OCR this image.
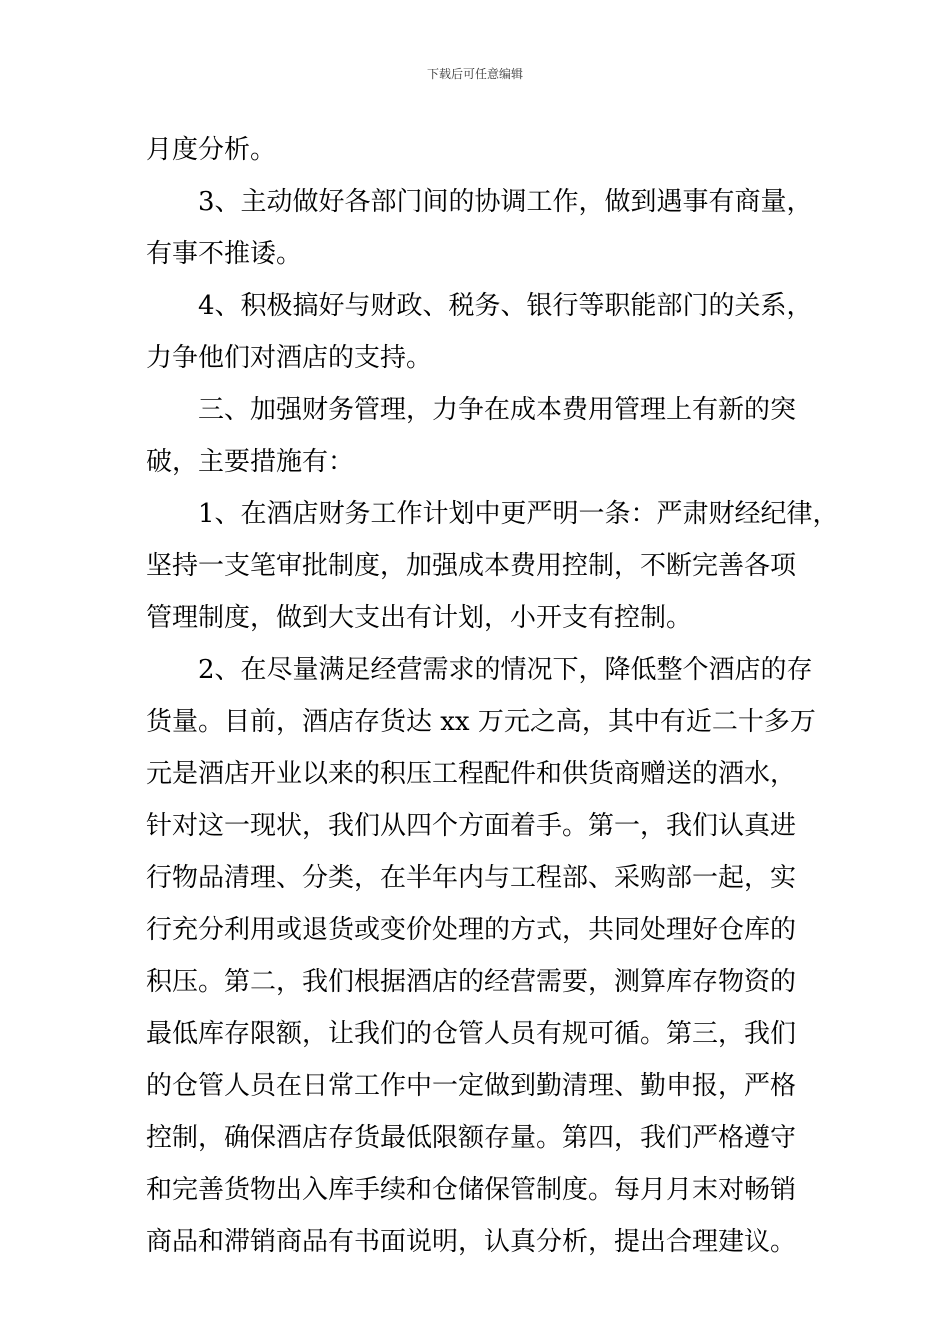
下载后可任意编辑

月度分析。

3、主动做好各部门间的协调工作，做到遇事有商量，
有事不推诿。

4、积极搞好与财政、税务、银行等职能部门的关系，
力争他们对酒店的支持。

三、加强财务管理，力争在成本费用管理上有新的突
破，主要措施有：

1、在酒店财务工作计划中更严明一条：严肃财经纪律，
坚持一支笔审批制度，加强成本费用控制，不断完善各项
管理制度，做到大支出有计划，小开支有控制。

2、在尽量满足经营需求的情况下，降低整个酒店的存
货量。目前，酒店存货达 xx 万元之高，其中有近二十多万
元是酒店开业以来的积压工程配件和供货商赠送的酒水，
针对这一现状，我们从四个方面着手。第一，我们认真进
行物品清理、分类，在半年内与工程部、采购部一起，实
行充分利用或退货或变价处理的方式，共同处理好仓库的
积压。第二，我们根据酒店的经营需要，测算库存物资的
最低库存限额，让我们的仓管人员有规可循。第三，我们
的仓管人员在日常工作中一定做到勤清理、勤申报，严格
控制，确保酒店存货最低限额存量。第四，我们严格遵守
和完善货物出入库手续和仓储保管制度。每月月末对畅销
商品和滞销商品有书面说明，认真分析，提出合理建议。
